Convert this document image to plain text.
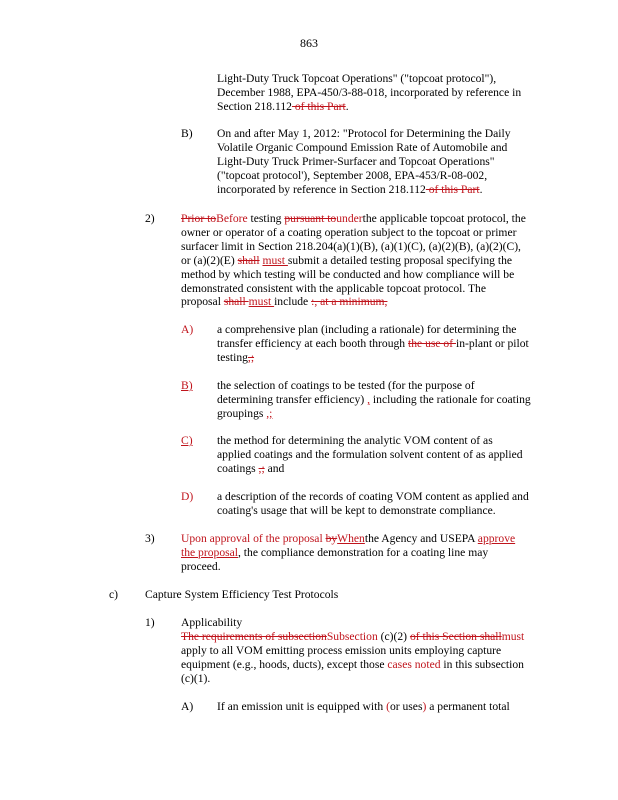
863
Light-Duty Truck Topcoat Operations" ("topcoat protocol"),
December 1988, EPA-450/3-88-018, incorporated by reference in
Section 218.112 of this Part.
B) On and after May 1, 2012: "Protocol for Determining the Daily
Volatile Organic Compound Emission Rate of Automobile and
Light-Duty Truck Primer-Surfacer and Topcoat Operations"
("topcoat protocol'), September 2008, EPA-453/R-08-002,
incorporated by reference in Section 218.112 of this Part.
2) Prior toBefore testing pursuant tounderthe applicable topcoat protocol, the
owner or operator of a coating operation subject to the topcoat or primer
surfacer limit in Section 218.204(a)(1)(B), (a)(1)(C), (a)(2)(B), (a)(2)(C),
or (a)(2)(E) shall must submit a detailed testing proposal specifying the
method by which testing will be conducted and how compliance will be
demonstrated consistent with the applicable topcoat protocol. The
proposal shall must include :, at a minimum,
A) a comprehensive plan (including a rationale) for determining the
transfer efficiency at each booth through the use of in-plant or pilot
testing,;
B)	the selection of coatings to be tested (for the purpose of
determining transfer efficiency) , including the rationale for coating
groupings ,;
C)	the method for determining the analytic VOM content of as
applied coatings and the formulation solvent content of as applied
coatings ,; and
D) a description of the records of coating VOM content as applied and
coating's usage that will be kept to demonstrate compliance.
3) Upon approval of the proposal byWhenthe Agency and USEPA approve
the proposal, the compliance demonstration for a coating line may
proceed.
c) Capture System Efficiency Test Protocols
1) Applicability
The requirements of subsectionSubsection (c)(2) of this Section shallmust
apply to all VOM emitting process emission units employing capture
equipment (e.g., hoods, ducts), except those cases noted in this subsection
(c)(1).
A) If an emission unit is equipped with (or uses) a permanent total
